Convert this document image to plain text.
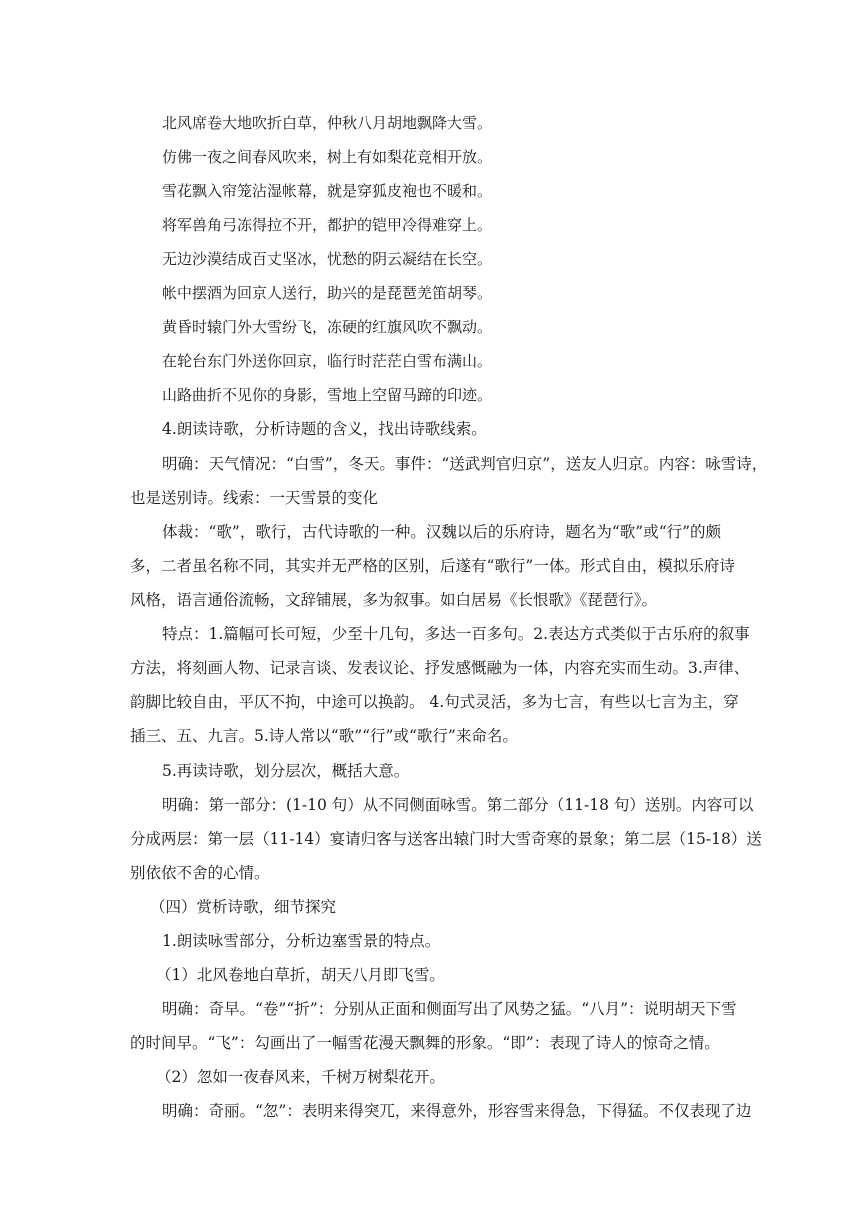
北风席卷大地吹折白草，仲秋八月胡地飘降大雪。
仿佛一夜之间春风吹来，树上有如梨花竞相开放。
雪花飘入帘笼沾湿帐幕，就是穿狐皮袍也不暖和。
将军兽角弓冻得拉不开，都护的铠甲冷得难穿上。
无边沙漠结成百丈坚冰，忧愁的阴云凝结在长空。
帐中摆酒为回京人送行，助兴的是琵琶羌笛胡琴。
黄昏时辕门外大雪纷飞，冻硬的红旗风吹不飘动。
在轮台东门外送你回京，临行时茫茫白雪布满山。
山路曲折不见你的身影，雪地上空留马蹄的印迹。
4.朗读诗歌，分析诗题的含义，找出诗歌线索。
明确：天气情况：“白雪”，冬天。事件：“送武判官归京”，送友人归京。内容：咏雪诗，
也是送别诗。线索：一天雪景的变化
体裁：“歌”，歌行，古代诗歌的一种。汉魏以后的乐府诗，题名为“歌”或“行”的颇
多，二者虽名称不同，其实并无严格的区别，后遂有“歌行”一体。形式自由，模拟乐府诗
风格，语言通俗流畅，文辞铺展，多为叙事。如白居易《长恨歌》《琵琶行》。
特点：1.篇幅可长可短，少至十几句，多达一百多句。2.表达方式类似于古乐府的叙事
方法，将刻画人物、记录言谈、发表议论、抒发感慨融为一体，内容充实而生动。3.声律、
韵脚比较自由，平仄不拘，中途可以换韵。 4.句式灵活，多为七言，有些以七言为主，穿
插三、五、九言。5.诗人常以“歌”“行”或“歌行”来命名。
5.再读诗歌，划分层次，概括大意。
明确：第一部分：(1-10 句）从不同侧面咏雪。第二部分（11-18 句）送别。内容可以
分成两层：第一层（11-14）宴请归客与送客出辕门时大雪奇寒的景象；第二层（15-18）送
别依依不舍的心情。
（四）赏析诗歌，细节探究
1.朗读咏雪部分，分析边塞雪景的特点。
（1）北风卷地白草折，胡天八月即飞雪。
明确：奇早。“卷”“折”：分别从正面和侧面写出了风势之猛。“八月”：说明胡天下雪
的时间早。“飞”：勾画出了一幅雪花漫天飘舞的形象。“即”：表现了诗人的惊奇之情。
（2）忽如一夜春风来，千树万树梨花开。
明确：奇丽。“忽”：表明来得突兀，来得意外，形容雪来得急，下得猛。不仅表现了边
